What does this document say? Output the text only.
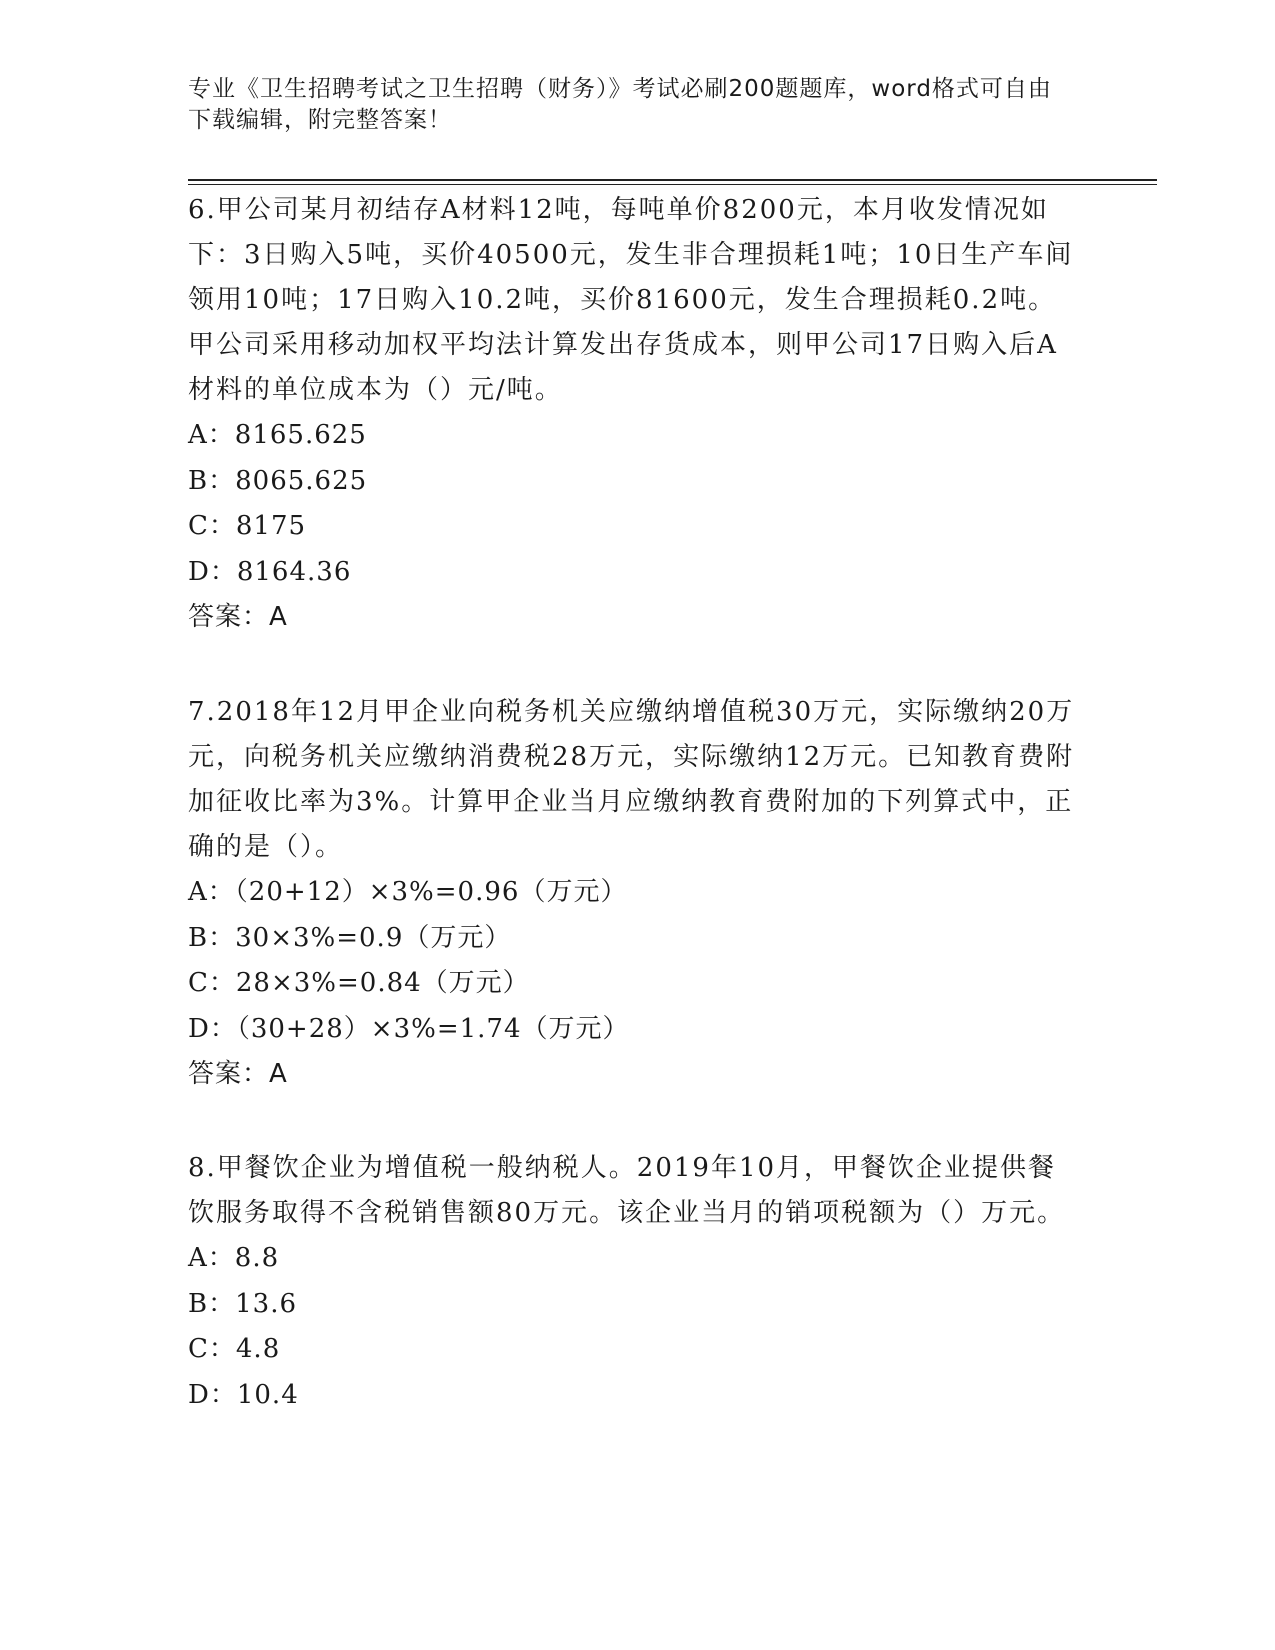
专业《卫生招聘考试之卫生招聘（财务）》考试必刷200题题库，word格式可自由下载编辑，附完整答案！

6.甲公司某月初结存A材料12吨，每吨单价8200元，本月收发情况如下：3日购入5吨，买价40500元，发生非合理损耗1吨；10日生产车间领用10吨；17日购入10.2吨，买价81600元，发生合理损耗0.2吨。甲公司采用移动加权平均法计算发出存货成本，则甲公司17日购入后A材料的单位成本为（）元/吨。

A：8165.625

B：8065.625

C：8175

D：8164.36

答案：A

7.2018年12月甲企业向税务机关应缴纳增值税30万元，实际缴纳20万元，向税务机关应缴纳消费税28万元，实际缴纳12万元。已知教育费附加征收比率为3%。计算甲企业当月应缴纳教育费附加的下列算式中，正确的是（）。

A：（20+12）×3%=0.96（万元）

B：30×3%=0.9（万元）

C：28×3%=0.84（万元）

D：（30+28）×3%=1.74（万元）

答案：A

8.甲餐饮企业为增值税一般纳税人。2019年10月，甲餐饮企业提供餐饮服务取得不含税销售额80万元。该企业当月的销项税额为（）万元。

A：8.8

B：13.6

C：4.8

D：10.4
